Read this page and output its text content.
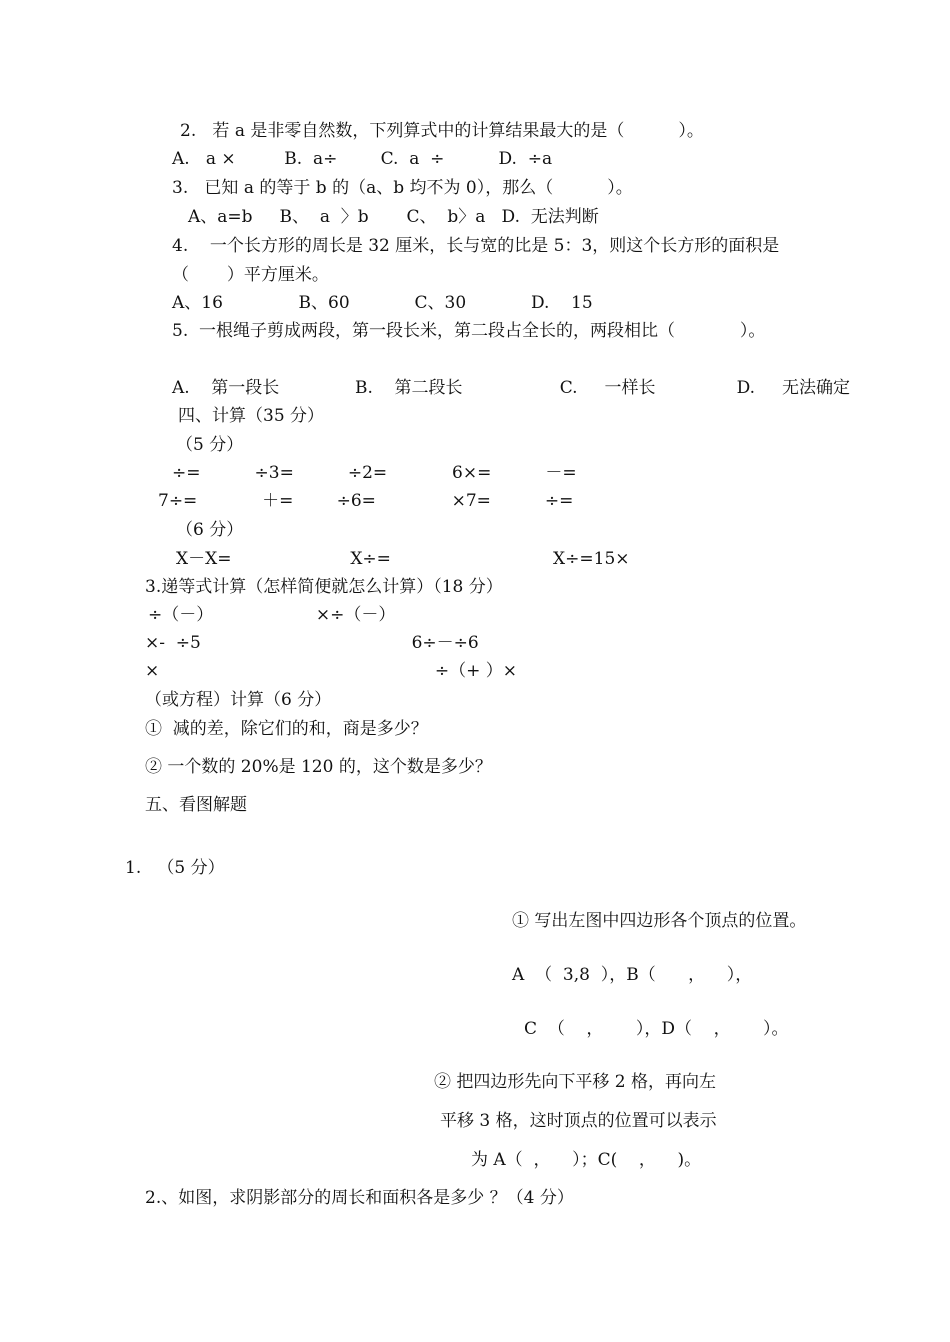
2.   若 a 是非零自然数，下列算式中的计算结果最大的是（          ）。
A.   a ×         B.  a÷        C.  a  ÷          D.  ÷a
3.   已知 a 的等于 b 的（a、b 均不为 0），那么（          ）。
A、a=b     B、  a  〉b       C、  b〉a   D.  无法判断
4.    一个长方形的周长是 32 厘米，长与宽的比是 5：3，则这个长方形的面积是
（       ）平方厘米。
A、16              B、60            C、30            D.    15
5.  一根绳子剪成两段，第一段长米，第二段占全长的，两段相比（            ）。
A.    第一段长              B.    第二段长                  C.     一样长               D.     无法确定
四、计算（35 分）
（5 分）
÷=          ÷3=          ÷2=            6×=          －=
7÷=            ＋=        ÷6=              ×7=          ÷=
（6 分）
X－X=                      X÷=                              X÷=15×
3.递等式计算（怎样简便就怎么计算）（18 分）
÷（－）                   ×÷（－）
×-  ÷5                                       6÷－÷6
×                                                   ÷（+ ）×
（或方程）计算（6 分）
①  减的差，除它们的和，商是多少？
② 一个数的 20%是 120 的，这个数是多少？
五、看图解题
1.   （5 分）
① 写出左图中四边形各个顶点的位置。
A  （  3,8  ），B（      ，    ），
C  （    ，      ），D（    ，      ）。
② 把四边形先向下平移 2 格，再向左
平移 3 格，这时顶点的位置可以表示
为 A（  ，    ）；C(    ，    )。
2.、如图，求阴影部分的周长和面积各是多少 ？（4 分）
